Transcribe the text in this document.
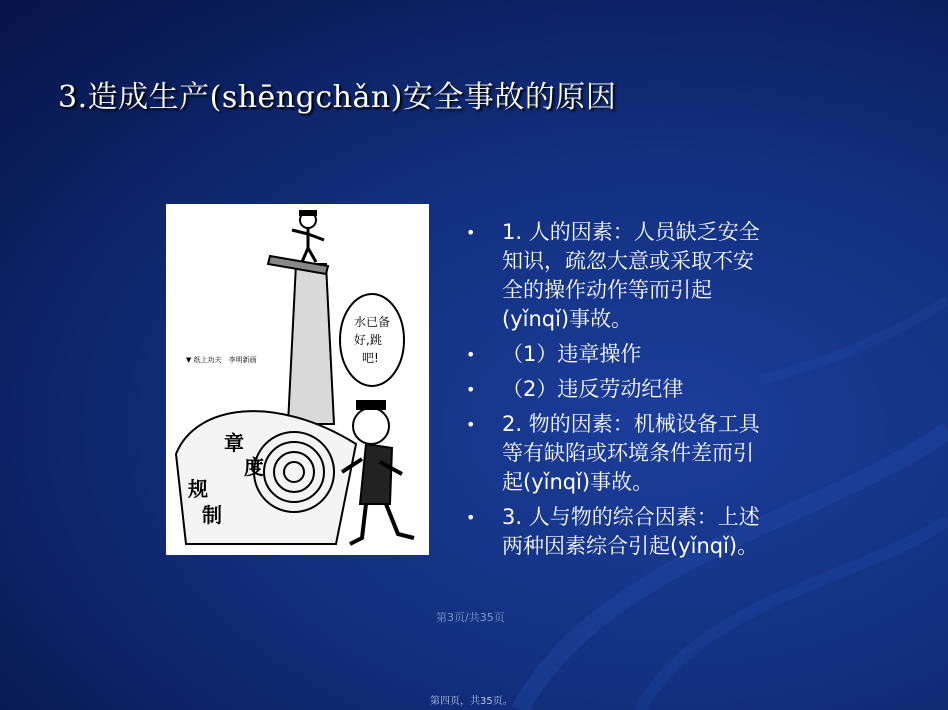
3.造成生产(shēngchǎn)安全事故的原因
水已备
好,跳
吧!
▼ 纸上功夫　李明新画
规
章
制
度
•	1. 人的因素：人员缺乏安全知识，疏忽大意或采取不安全的操作动作等而引起(yǐnqǐ)事故。
•	（1）违章操作
•	（2）违反劳动纪律
•	2. 物的因素：机械设备工具等有缺陷或环境条件差而引起(yǐnqǐ)事故。
•	3. 人与物的综合因素：上述两种因素综合引起(yǐnqǐ)。
第3页/共35页
第四页，共35页。
